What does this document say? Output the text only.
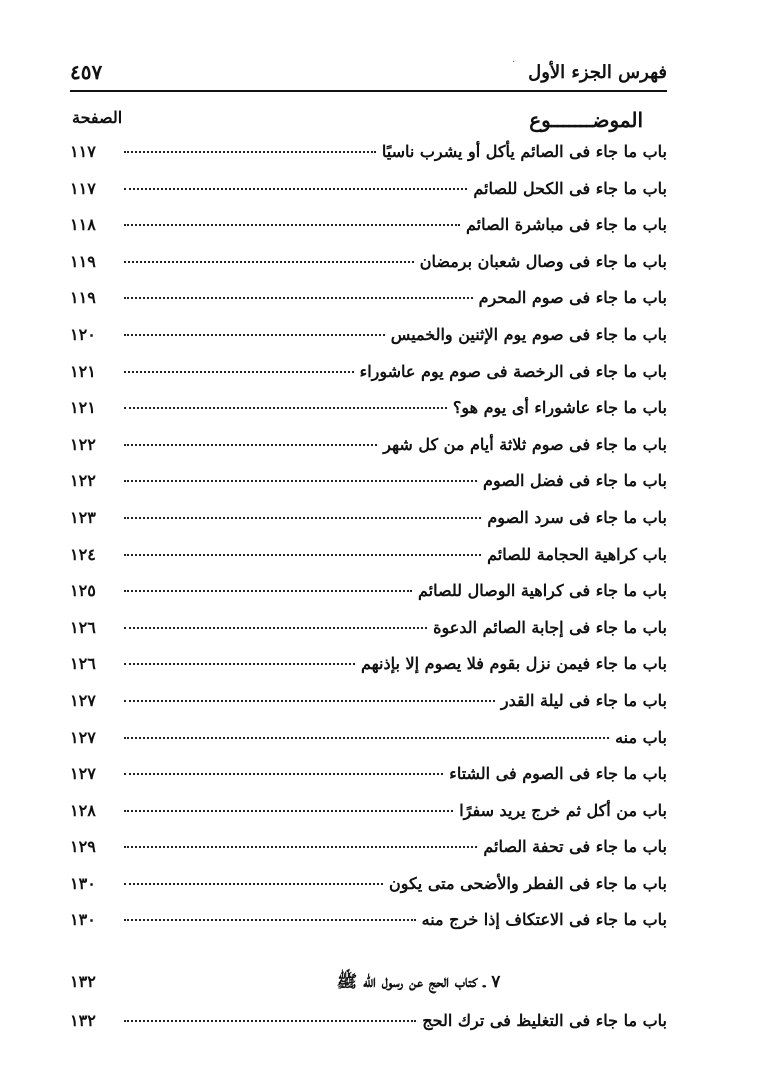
· فهرس الجزء الأول
٤٥٧
الموضـــــــوع
الصفحة
باب ما جاء فى الصائم يأكل أو يشرب ناسيًا
١١٧
باب ما جاء فى الكحل للصائم
١١٧
باب ما جاء فى مباشرة الصائم
١١٨
باب ما جاء فى وصال شعبان برمضان
١١٩
باب ما جاء فى صوم المحرم
١١٩
باب ما جاء فى صوم يوم الإثنين والخميس
١٢٠
باب ما جاء فى الرخصة فى صوم يوم عاشوراء
١٢١
باب ما جاء عاشوراء أى يوم هو؟
١٢١
باب ما جاء فى صوم ثلاثة أيام من كل شهر
١٢٢
باب ما جاء فى فضل الصوم
١٢٢
باب ما جاء فى سرد الصوم
١٢٣
باب كراهية الحجامة للصائم
١٢٤
باب ما جاء فى كراهية الوصال للصائم
١٢٥
باب ما جاء فى إجابة الصائم الدعوة
١٢٦
باب ما جاء فيمن نزل بقوم فلا يصوم إلا بإذنهم
١٢٦
باب ما جاء فى ليلة القدر
١٢٧
باب منه
١٢٧
باب ما جاء فى الصوم فى الشتاء
١٢٧
باب من أكل ثم خرج يريد سفرًا
١٢٨
باب ما جاء فى تحفة الصائم
١٢٩
باب ما جاء فى الفطر والأضحى متى يكون
١٣٠
باب ما جاء فى الاعتكاف إذا خرج منه
١٣٠
٧ ـ كتاب الحج عن رسول الله ﷺ
١٣٢
باب ما جاء فى التغليظ فى ترك الحج
١٣٢
